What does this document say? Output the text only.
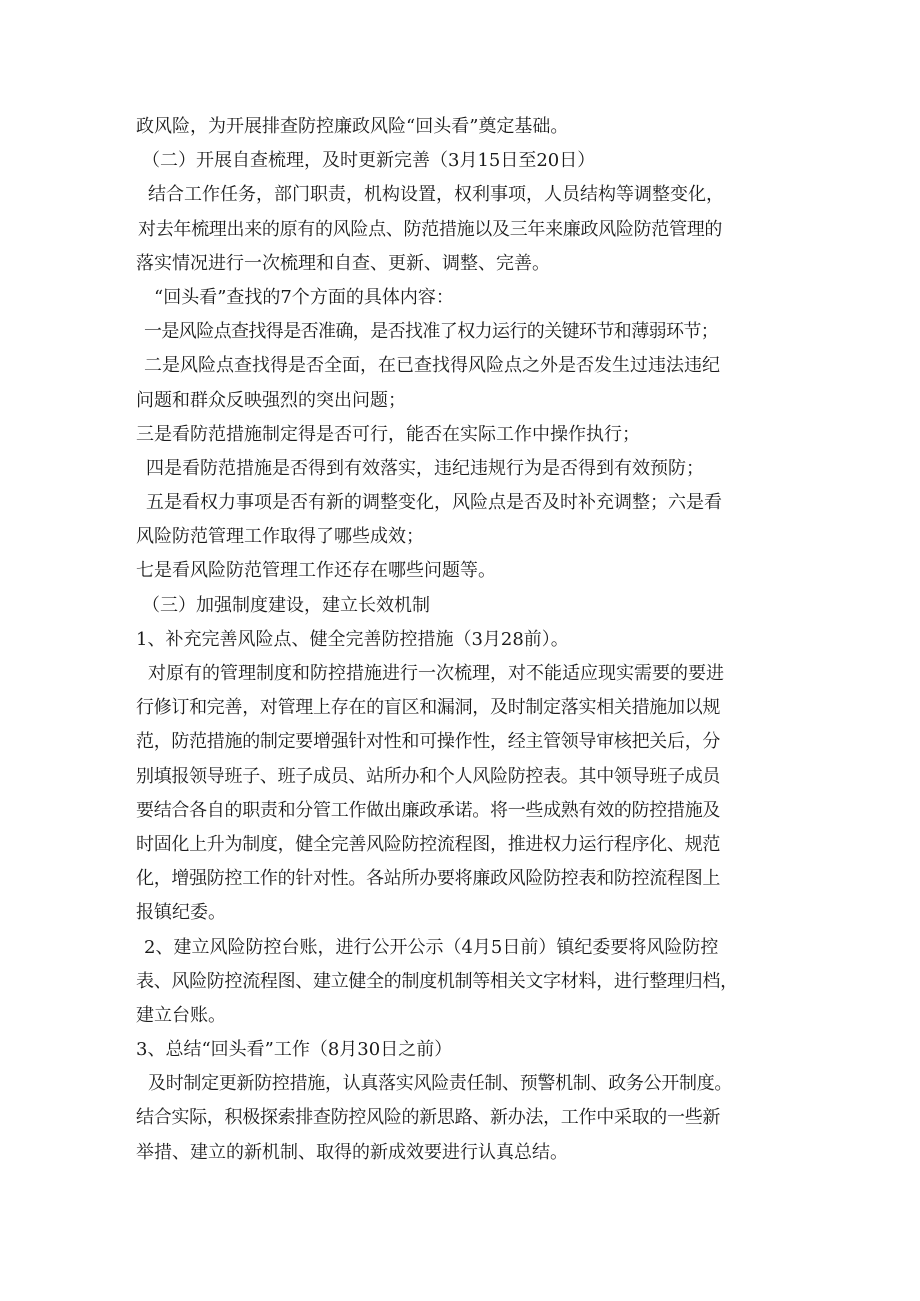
政风险，为开展排查防控廉政风险“回头看”奠定基础。
（二）开展自查梳理，及时更新完善（3月15日至20日）
结合工作任务，部门职责，机构设置，权利事项，人员结构等调整变化，
对去年梳理出来的原有的风险点、防范措施以及三年来廉政风险防范管理的
落实情况进行一次梳理和自查、更新、调整、完善。
“回头看”查找的7个方面的具体内容：
一是风险点查找得是否准确，是否找准了权力运行的关键环节和薄弱环节；
二是风险点查找得是否全面，在已查找得风险点之外是否发生过违法违纪
问题和群众反映强烈的突出问题；
三是看防范措施制定得是否可行，能否在实际工作中操作执行；
四是看防范措施是否得到有效落实，违纪违规行为是否得到有效预防；
五是看权力事项是否有新的调整变化，风险点是否及时补充调整；六是看
风险防范管理工作取得了哪些成效；
七是看风险防范管理工作还存在哪些问题等。
（三）加强制度建设，建立长效机制
1、补充完善风险点、健全完善防控措施（3月28前）。
对原有的管理制度和防控措施进行一次梳理，对不能适应现实需要的要进
行修订和完善，对管理上存在的盲区和漏洞，及时制定落实相关措施加以规
范，防范措施的制定要增强针对性和可操作性，经主管领导审核把关后，分
别填报领导班子、班子成员、站所办和个人风险防控表。其中领导班子成员
要结合各自的职责和分管工作做出廉政承诺。将一些成熟有效的防控措施及
时固化上升为制度，健全完善风险防控流程图，推进权力运行程序化、规范
化，增强防控工作的针对性。各站所办要将廉政风险防控表和防控流程图上
报镇纪委。
2、建立风险防控台账，进行公开公示（4月5日前）镇纪委要将风险防控
表、风险防控流程图、建立健全的制度机制等相关文字材料，进行整理归档，
建立台账。
3、总结“回头看”工作（8月30日之前）
及时制定更新防控措施，认真落实风险责任制、预警机制、政务公开制度。
结合实际，积极探索排查防控风险的新思路、新办法，工作中采取的一些新
举措、建立的新机制、取得的新成效要进行认真总结。
